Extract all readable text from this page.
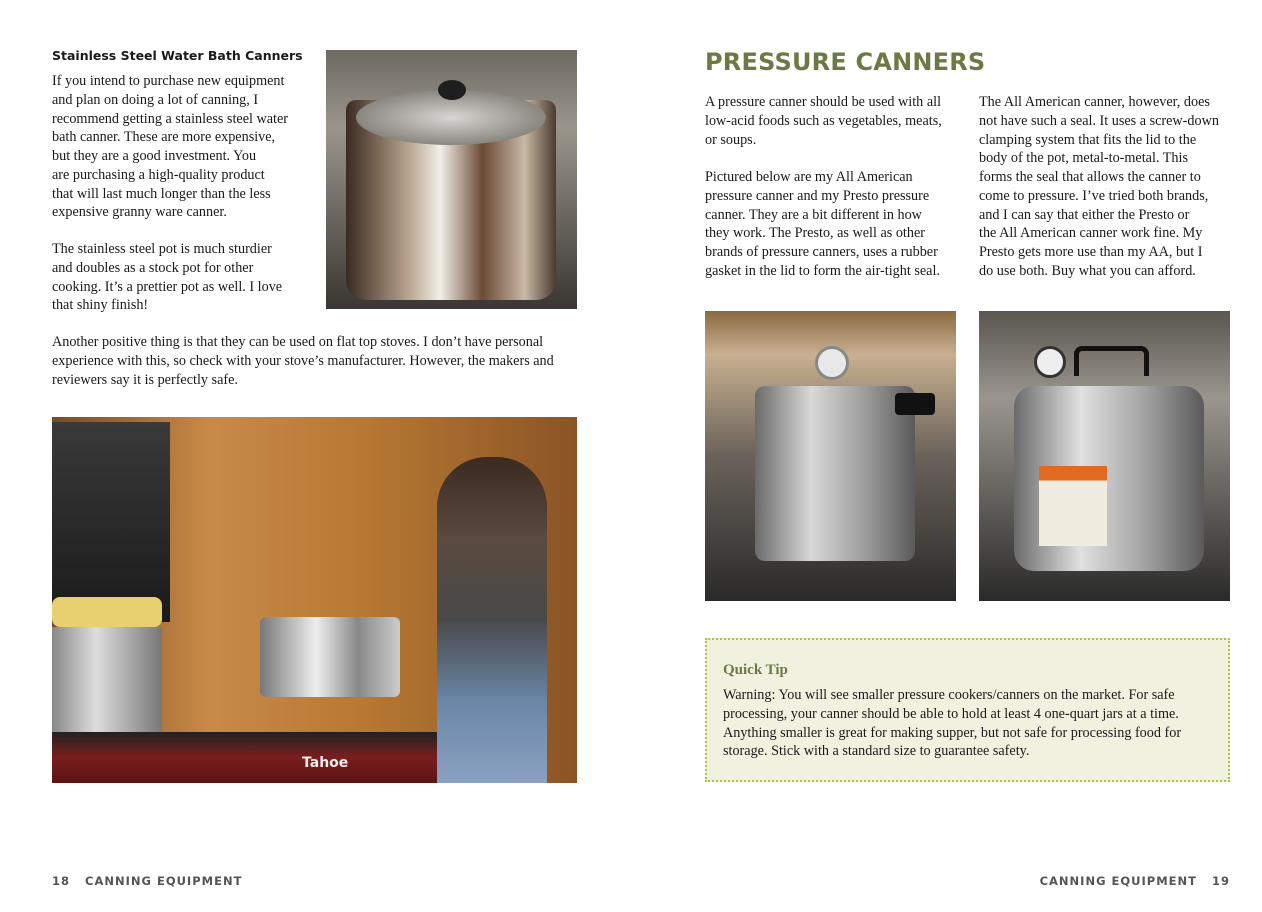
Stainless Steel Water Bath Canners
If you intend to purchase new equipment
and plan on doing a lot of canning, I
recommend getting a stainless steel water
bath canner. These are more expensive,
but they are a good investment. You
are purchasing a high-quality product
that will last much longer than the less
expensive granny ware canner.
The stainless steel pot is much sturdier
and doubles as a stock pot for other
cooking. It’s a prettier pot as well. I love
that shiny finish!
Another positive thing is that they can be used on flat top stoves. I don’t have personal
experience with this, so check with your stove’s manufacturer. However, the makers and
reviewers say it is perfectly safe.
Tahoe
18 CANNING EQUIPMENT
PRESSURE CANNERS
A pressure canner should be used with all
low-acid foods such as vegetables, meats,
or soups.
Pictured below are my All American
pressure canner and my Presto pressure
canner. They are a bit different in how
they work. The Presto, as well as other
brands of pressure canners, uses a rubber
gasket in the lid to form the air-tight seal.
The All American canner, however, does
not have such a seal. It uses a screw-down
clamping system that fits the lid to the
body of the pot, metal-to-metal. This
forms the seal that allows the canner to
come to pressure. I’ve tried both brands,
and I can say that either the Presto or
the All American canner work fine. My
Presto gets more use than my AA, but I
do use both. Buy what you can afford.
Quick Tip
Warning: You will see smaller pressure cookers/canners on the market. For safe
processing, your canner should be able to hold at least 4 one-quart jars at a time.
Anything smaller is great for making supper, but not safe for processing food for
storage. Stick with a standard size to guarantee safety.
CANNING EQUIPMENT 19
